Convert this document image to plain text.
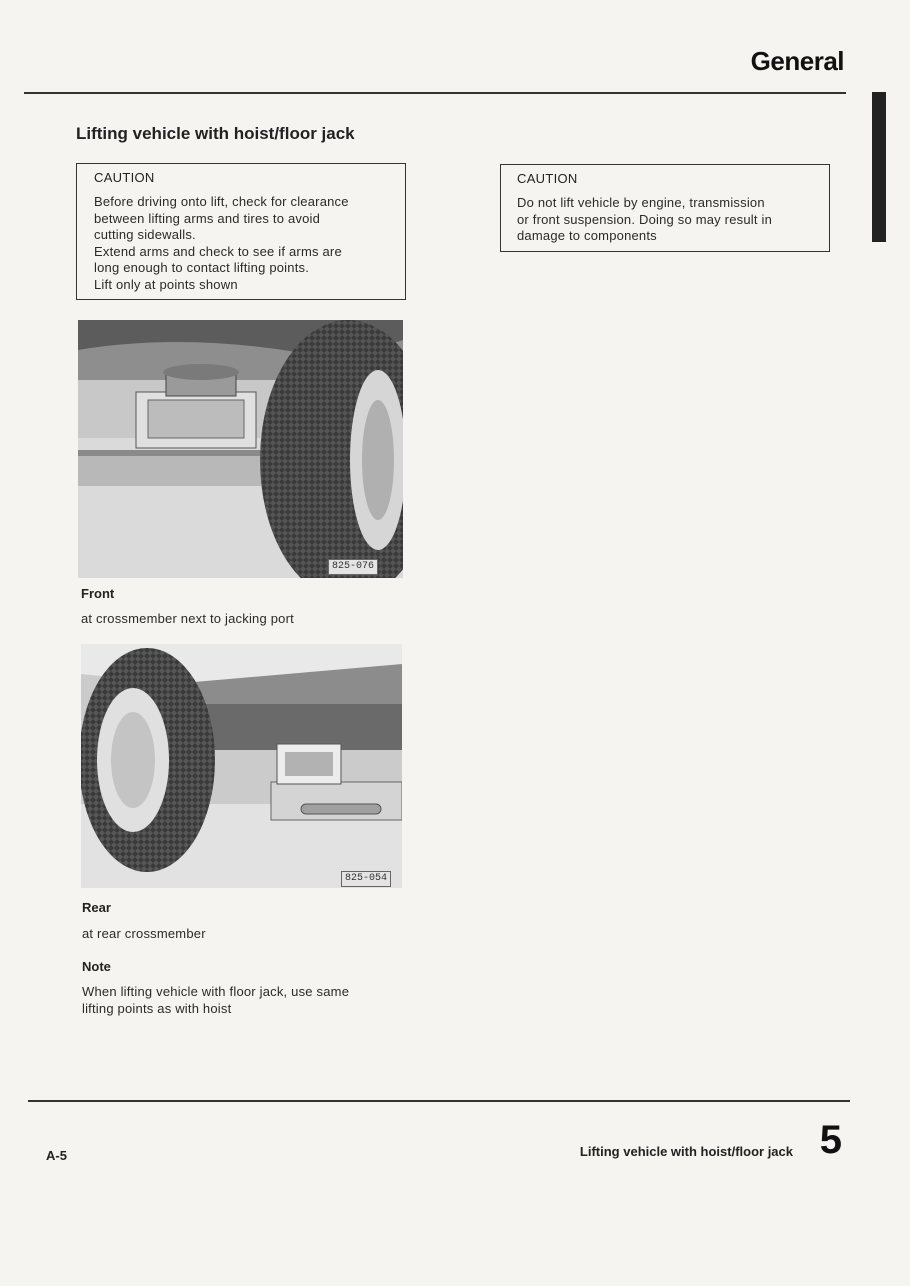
General
Lifting vehicle with hoist/floor jack
CAUTION
Before driving onto lift, check for clearance
between lifting arms and tires to avoid
cutting sidewalls.
Extend arms and check to see if arms are
long enough to contact lifting points.
Lift only at points shown
CAUTION
Do not lift vehicle by engine, transmission
or front suspension. Doing so may result in
damage to components
825-076
Front
at crossmember next to jacking port
825-054
Rear
at rear crossmember
Note
When lifting vehicle with floor jack, use same
lifting points as with hoist
A-5	Lifting vehicle with hoist/floor jack 5
